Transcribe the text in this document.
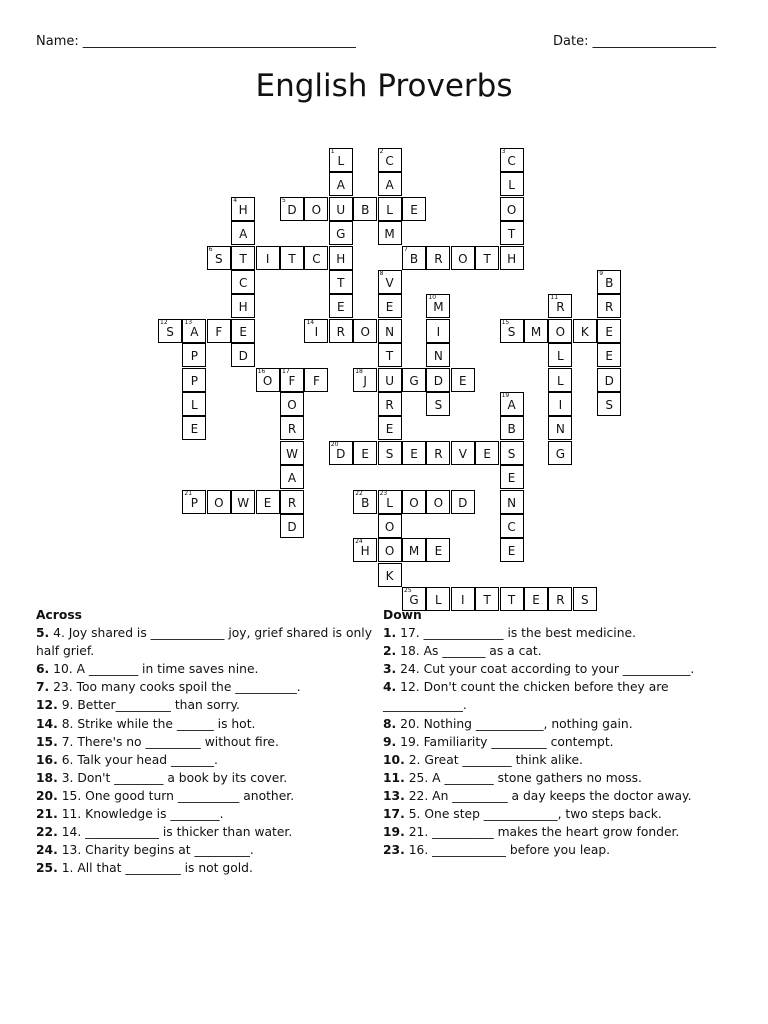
Name: __________________________________________	Date: ___________________
English Proverbs
1
L
2
C
3
C
A	A	L
4
H
5
D	O	U	B	L	E	O
A	G	M	T
6
S	T	I	T	C	H
7
B	R	O	T	H
C	T
8
V
9
B
H	E	E
10
M
11
R	R
12
S
13
A	F	E
14
I	R	O	N	I
15
S	M	O	K	E
P	D	T	N	L	E
P
16
O
17
F	F
18
J	U	G	D	E	L	D
L	O	R	S
19
A	I	S
E	R	E	B	N
W
20
D	E	S	E	R	V	E	S	G
A	E
21
P	O	W	E	R
22
B
23
L	O	O	D	N
D	O	C
24
H	O	M	E	E
K
25
G	L	I	T	T	E	R	S
Across
5. 4. Joy shared is ____________ joy, grief shared is only half grief.
6. 10. A ________ in time saves nine.
7. 23. Too many cooks spoil the __________.
12. 9. Better_________ than sorry.
14. 8. Strike while the ______ is hot.
15. 7. There's no _________ without fire.
16. 6. Talk your head _______.
18. 3. Don't ________ a book by its cover.
20. 15. One good turn __________ another.
21. 11. Knowledge is ________.
22. 14. ____________ is thicker than water.
24. 13. Charity begins at _________.
25. 1. All that _________ is not gold.
Down
1. 17. _____________ is the best medicine.
2. 18. As _______ as a cat.
3. 24. Cut your coat according to your ___________.
4. 12. Don't count the chicken before they are _____________.
8. 20. Nothing ___________, nothing gain.
9. 19. Familiarity _________ contempt.
10. 2. Great ________ think alike.
11. 25. A ________ stone gathers no moss.
13. 22. An _________ a day keeps the doctor away.
17. 5. One step ____________, two steps back.
19. 21. __________ makes the heart grow fonder.
23. 16. ____________ before you leap.
